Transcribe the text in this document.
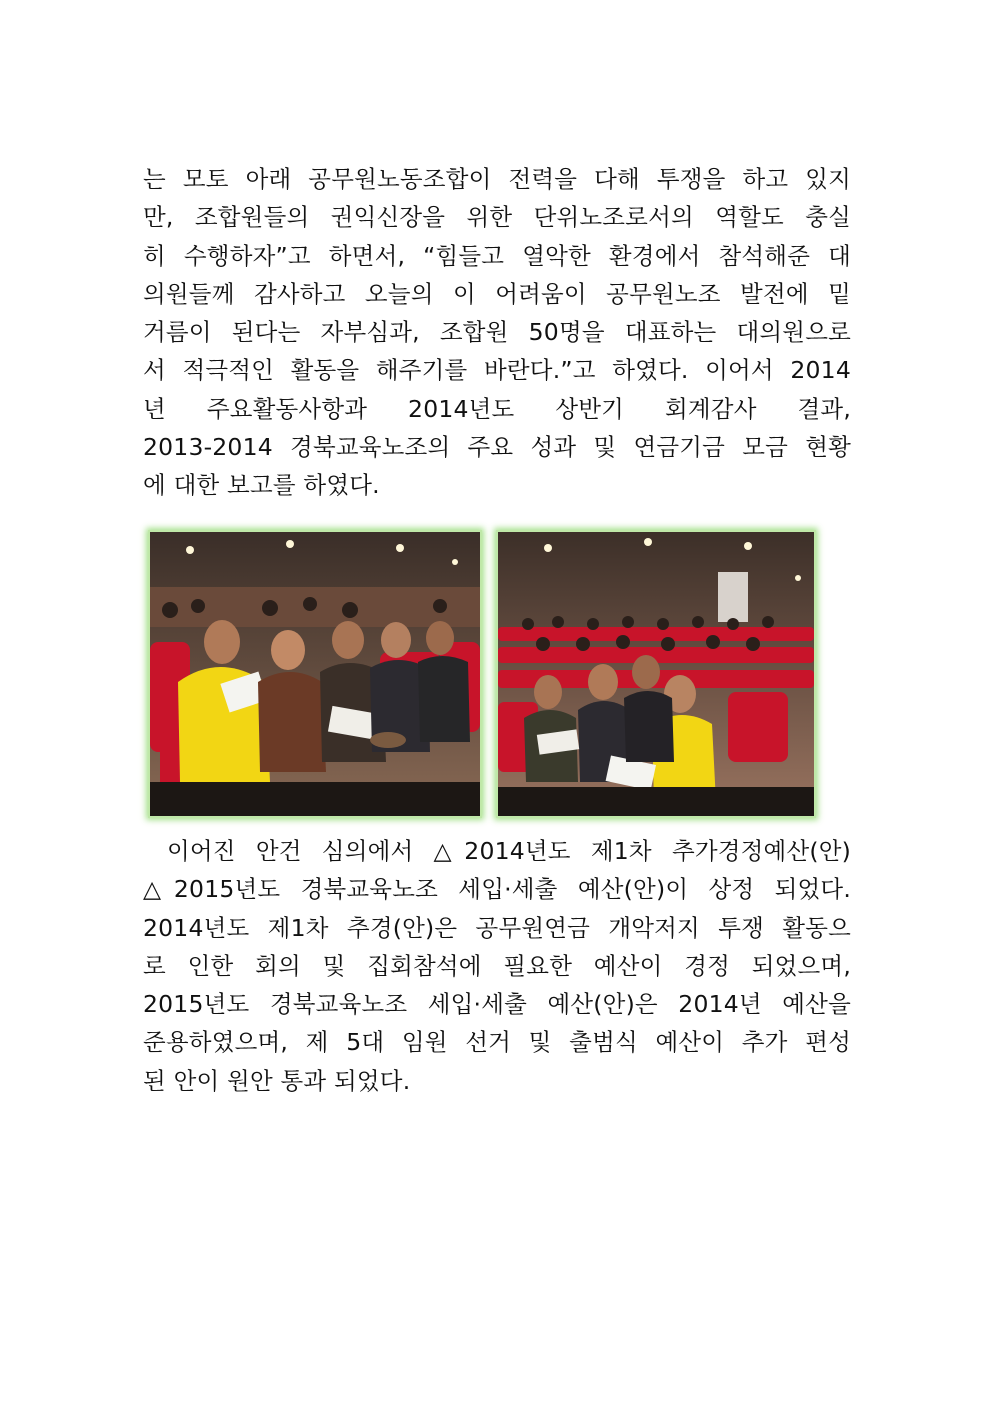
는 모토 아래 공무원노동조합이 전력을 다해 투쟁을 하고 있지
만, 조합원들의 권익신장을 위한 단위노조로서의 역할도 충실
히 수행하자”고 하면서, “힘들고 열악한 환경에서 참석해준 대
의원들께 감사하고 오늘의 이 어려움이 공무원노조 발전에 밑
거름이 된다는 자부심과, 조합원 50명을 대표하는 대의원으로
서 적극적인 활동을 해주기를 바란다.”고 하였다. 이어서 2014
년 주요활동사항과 2014년도 상반기 회계감사 결과,
2013-2014 경북교육노조의 주요 성과 및 연금기금 모금 현황
에 대한 보고를 하였다.
이어진 안건 심의에서 △2014년도 제1차 추가경정예산(안)
△2015년도 경북교육노조 세입·세출 예산(안)이 상정 되었다.
2014년도 제1차 추경(안)은 공무원연금 개악저지 투쟁 활동으
로 인한 회의 및 집회참석에 필요한 예산이 경정 되었으며,
2015년도 경북교육노조 세입·세출 예산(안)은 2014년 예산을
준용하였으며, 제 5대 임원 선거 및 출범식 예산이 추가 편성
된 안이 원안 통과 되었다.
